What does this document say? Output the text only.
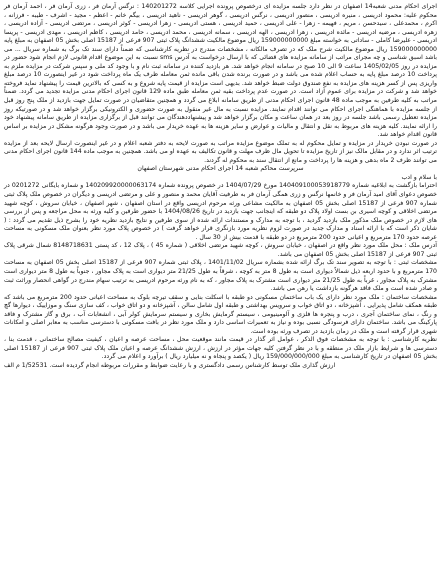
اجرای احکام مدنی شعبه14 اصفهان در نظر دارد جلسه مزایده ای درخصوص پرونده اجرایی کلاسه 140201272 : نرگس آرمان فر ، زری آرمان فر ، احمد آرمان فر محکوم علیه: محمود ادریسی ، منیره ادریسی ، منصور ادریسی ، نرگس ادریسی ، گوهر ادریسی - ناهید ادریسی ، بیگم خانم - اعظم - مجید - اشرف - طیبه - فرزانه ، اکرم ، محمدعلی ، سیدحسن ، مریم ، فهیمه - زهرا - علی ادریسی ، حمید ادریسی ، هستی ادریسی - زهرا ادریسی - کوثر ادریسی ، مرتضی ادریسی - آزاده ادریسی ، زهره ادریسی ، مرضیه ادریسی - مائده ادریسی ، زهرا ادریسی ، الهه ادریسی ، سمانه ادریسی ، محمد ادریسی ، حامد ادریسی ، کاظم ادریسی ، مهدی ادریسی - پریسا ادریسی - علیرضا کاملی - ساداتی به خواسته مبلغ 159000000000 ریال موضوع مالکیت ششدانگ پلاک ثبتی 907 فرعی از 15187 اصلی بخش 05 اصفهان به مبلغ پایه 159000000000 ریال موضوع مالکیت شرح ملک که در تصرف مالکانه ، مشخصات مندرج در نظریه کارشناسی که ضمناً دارای سند تک برگ به شماره سریال ... می باشد اسبق شناسی و چه مجرای مراتب از سامانه مزایده های قضائی که با ارسال درخواست به آدرس sms نسبت به این موضوع اقدام قانونی لازم انجام شود حضور در مزایده در روز 1405/02/05 ساعت 9 الی 10 صبح در سامانه انجام خواهد شد. هر بازدید کننده در سامانه ثبت نام و با وجود کد ملی و سپس شرکت در مزایده ملزم به پرداخت 10 درصد مبلغ پایه به حساب اعلام شده می باشد و در صورت برنده شدن باقی مانده ثمن معامله ظرف یک ماه پرداخت شود در غیر اینصورت 10 درصد مبلغ واریزی پس از کسر هزینه های مزایده به نفع صندوق دولت ضبط خواهد شد. بدیهی است مزایده از قیمت پایه شروع و به کسی که بالاترین قیمت را پیشنهاد نماید فروخته خواهد شد و شرکت در مزایده برای عموم آزاد است. در صورت عدم پرداخت بقیه ثمن معامله طبق ماده 129 قانون اجرای احکام مدنی مزایده تجدید می گردد. ضمناً مراتب به کلیه طرفین به موجب ماده 48 قانون اجرای احکام مدنی از طریق سامانه ابلاغ می گردد و همچنین متقاضیان در صورت تمایل جهت بازدید از ملک پنج روز قبل از جلسه مزایده با هماهنگی اجرای احکام می توانند اقدام نمایند. مزایده نسبت به مال غیر منقول به صورت حضوری و الکترونیکی برگزار خواهد شد و در صورتیکه روز مزایده تعطیل رسمی باشد جلسه در روز بعد در همان ساعت و مکان برگزار خواهد شد و پیشنهاددهندگان می توانند قبل از برگزاری مزایده از طریق سامانه پیشنهاد خود را ارائه نمایند. کلیه هزینه های مربوط به نقل و انتقال و مالیات و عوارض و سایر هزینه ها به عهده خریدار می باشد و در صورت وجود هرگونه مشکل در مزایده بر اساس قانون اقدام خواهد شد.

در صورت نبودن خریدار در مزایده و تمایل محکوم له به تملک موضوع مزایده مراتب به صورت لایحه به دفتر شعبه اعلام و در غیر اینصورت ارسال لایحه بعد از مزایده ترتیب اثر ندارد و در مقابل مالک نیز از تاریخ مزایده تا تحویل مال ظرف مهلت و قانون تکالیف به عهده او می باشد. همچنین به موجب ماده 144 قانون اجرای احکام مدنی می توانند ظرف 2 ماه بدهی و هزینه ها را پرداخت و مانع از انتقال سند به محکوم له گردند.

سرپرست محاکم شعبه 14 اجرای احکام مدنی شهرستان اصفهان

با سلام و ادب

احتراما بازگشت به ابلاغیه شماره 140409100053918779 مورخ 1404/07/29 در خصوص پرونده شماره 140209920000063174 و شماره بایگانی 0201272 در خصوص دعوای آقای امید آرمان فر و خانمها نرگس و زری همگی آرمان فر به طرفیت آقایان محمد و منصور و علی و مرتضی ادریسی و دیگران در خصوص ملک پلاک ثبتی شماره 907 فرعی از 15187 اصلی بخش 05 اصفهان به مالکیت مشاعی ورثه مرحوم ادریسی واقع در استان اصفهان ، شهر اصفهان ، خیابان سروش ، کوچه شهید مرتضی اخلاقی و کوچه اسیری بن بست اولاد پلاک دو طبقه که اینجانب جهت بازدید در تاریخ 1404/08/26 با حضور طرفین و کلیه ورثه به محل مراجعه و پس از بررسی های لازم در خصوص ملک مذکور ملک بازدید گردید ، با توجه به مدارک و مستندات ارائه شده از سوی طرفین و نتایج بازدید نظریه خود را بشرح ذیل تقدیم می گردد : ( شایان ذکر است که با ارائه اسناد و مدارک جدید در صورت لزوم نظریه مورد بازنگری قرار خواهد گرفت ) در خصوص پلاک مورد نظر بعنوان ملک مسکونی به مساحت عرصه حدود 170 مترمربع و اعیانی حدود 200 مترمربع در دو طبقه با قدمت بیش از 30 سال .

آدرس ملک : محل ملک مورد نظر واقع در اصفهان ، خیابان سروش ، کوچه شهید مرتضی اخلاقی ( شماره 45 ) ، پلاک 12 ، کد پستی 8148718631 شمال شرقی پلاک ثبتی 907 فرعی از 15187 اصلی بخش 05 اصفهان می باشد.

مشخصات ثبتی : با توجه به تصویر سند تک برگ ارائه شده بشماره سریال 1401/11/02 ، پلاک ثبتی شماره 907 فرعی از 15187 اصلی بخش 05 اصفهان به مساحت 170 مترمربع و با حدود اربعه ذیل شمالاً دیواری است به طول 8 متر به کوچه ، شرقاً به طول 21/25 متر دیواری است به پلاک مجاور ، جنوباً به طول 8 متر دیواری است مشترک به پلاک مجاور ، غرباً به طول 21/25 متر دیواری است مشترک به پلاک مجاور ، که به نام ورثه مرحوم ادریسی به ترتیب سهام مندرج در گواهی انحصار وراثت ثبت و صادر شده است و ملک فاقد هرگونه بازداشت یا رهن می باشد.

مشخصات ساختمان : ملک مورد نظر دارای یک باب ساختمان مسکونی دو طبقه با اسکلت بنایی و سقف تیرچه بلوک به مساحت اعیانی حدود 200 مترمربع می باشد که طبقه همکف شامل پذیرایی ، آشپزخانه ، دو اتاق خواب و سرویس بهداشتی و طبقه اول شامل سالن ، آشپزخانه و دو اتاق خواب ، کف سازی سنگ و موزاییک ، دیوارها گچ و رنگ ، نمای ساختمان آجری ، درب و پنجره ها فلزی و آلومینیومی ، سیستم گرمایش بخاری و سیستم سرمایش کولر آبی ، انشعابات آب ، برق و گاز مشترک و فاقد پارکینگ می باشد. ساختمان دارای فرسودگی نسبی بوده و نیاز به تعمیرات اساسی دارد و ملک مورد نظر در بافت مسکونی با دسترسی مناسب به معابر اصلی و امکانات شهری قرار گرفته است و ملک در زمان بازدید در تصرف ورثه بوده است.

نظریه کارشناسی : با توجه به مشخصات فوق الذکر ، عوامل اثر گذار در قیمت مانند موقعیت محل ، مساحت عرصه و اعیان ، کیفیت مصالح ساختمانی ، قدمت بنا ، دسترسی ها و شرایط بازار ملک در منطقه و با در نظر گرفتن کلیه جهات مؤثر در ارزش ، ارزش ششدانگ عرصه و اعیان ملک پلاک ثبتی 907 فرعی از 15187 اصلی بخش 05 اصفهان در تاریخ کارشناسی به مبلغ 159/000/000/000 ریال ( یکصد و پنجاه و نه میلیارد ریال ) برآورد و اعلام می گردد.

ارزش گذاری ملک توسط کارشناس رسمی دادگستری و با رعایت ضوابط و مقررات مربوطه انجام گردیده است. 1/52531 م الف
